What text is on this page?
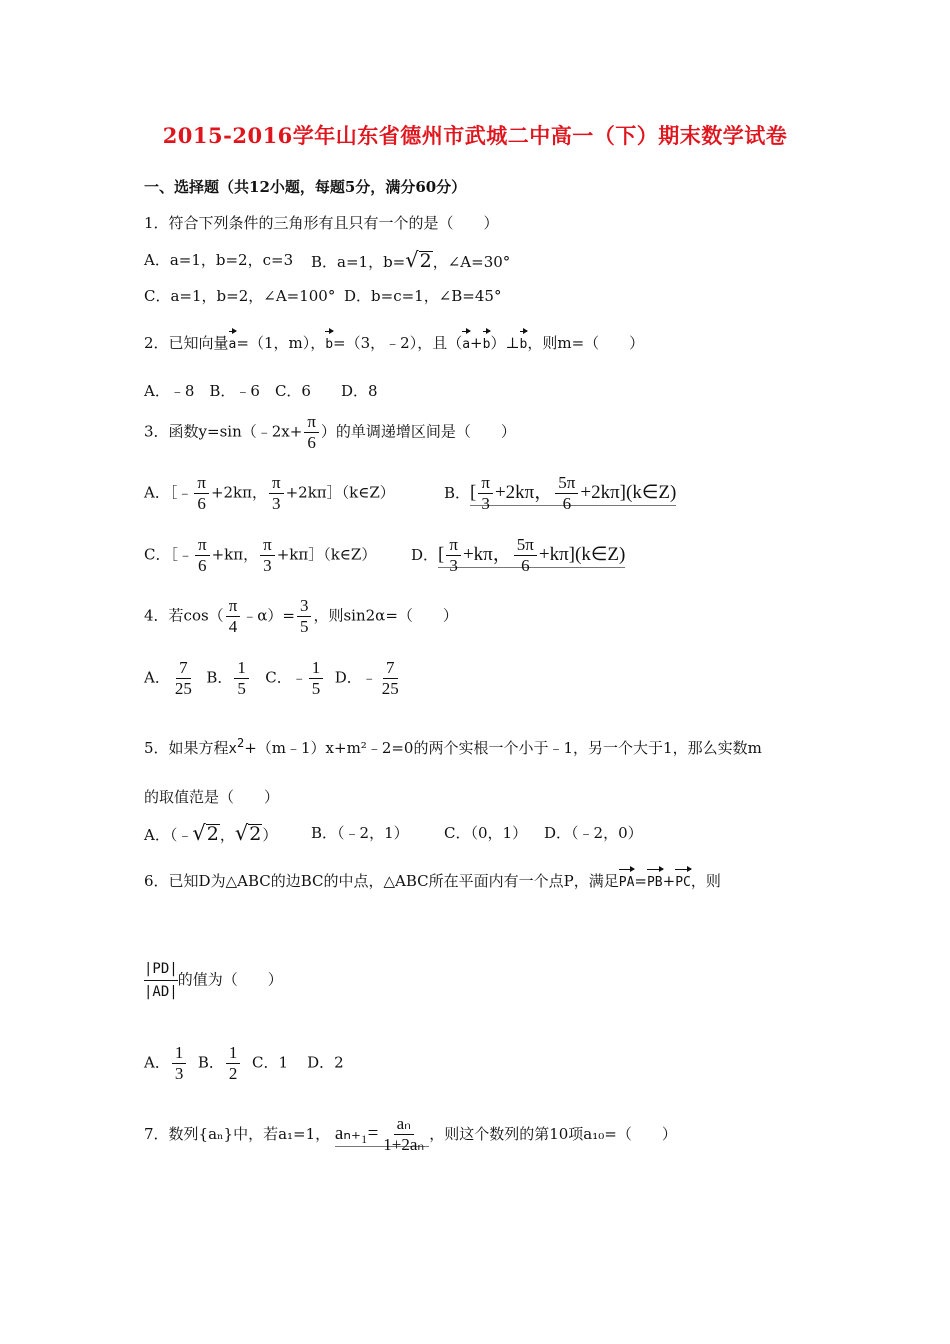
2015-2016学年山东省德州市武城二中高一（下）期末数学试卷
一、选择题（共12小题，每题5分，满分60分）
1．符合下列条件的三角形有且只有一个的是（　　）
A．a=1，b=2，c=3 B．a=1，b=√2，∠A=30°
C．a=1，b=2，∠A=100° D．b=c=1，∠B=45°
2．已知向量a=（1，m），b=（3，﹣2），且（a+b）⊥b，则m=（　　）
A．﹣8　B．﹣6　C．6　　D．8
3．函数y=sin（﹣2x+ $\frac{\pi}{6}$ ）的单调递增区间是（　　）
A．［﹣ $\frac{\pi}{6} +2k\pi$， $\frac{\pi}{3}$ +2kπ］（k∈Z）	B．[ $\frac{\pi}{3} +2k\pi$， $\frac{5\pi}{6}$ +2kπ](k∈Z)
C．［﹣ $\frac{\pi}{6} +k\pi$， $\frac{\pi}{3}$ +kπ］（k∈Z） D．[ $\frac{\pi}{3} +k\pi$， $\frac{5\pi}{6}$ +kπ](k∈Z)
4．若$\cos( \frac{\pi}{4}$ ﹣α）= $\frac{3}{5}$ ，则sin2α=（　　）
A． $\frac{7}{25}$ B． $\frac{1}{5}$ C．﹣ $\frac{1}{5}$ D．﹣ $\frac{7}{25}$
5．如果方程$x^2+(m﹣1)x+m^2﹣2=0$的两个实根一个小于﹣1，另一个大于1，那么实数m
的取值范是（　　）
A．（﹣√2，√2） B．（﹣2，1） C．（0，1） D．（﹣2，0）
6．已知D为△ABC的边BC的中点，△ABC所在平面内有一个点P，满足PA=PB+PC，则
$\frac{|PD|}{|AD|}$ 的值为（　　）
A． $\frac{1}{3}$ B． $\frac{1}{2}$ C．1 D．2
7．数列{aₙ}中，若a₁=1， $a_{n+1}= \frac{\text{aₙ}}{\text{1+2aₙ}}$ ，则这个数列的第10项a₁₀=（　　）
